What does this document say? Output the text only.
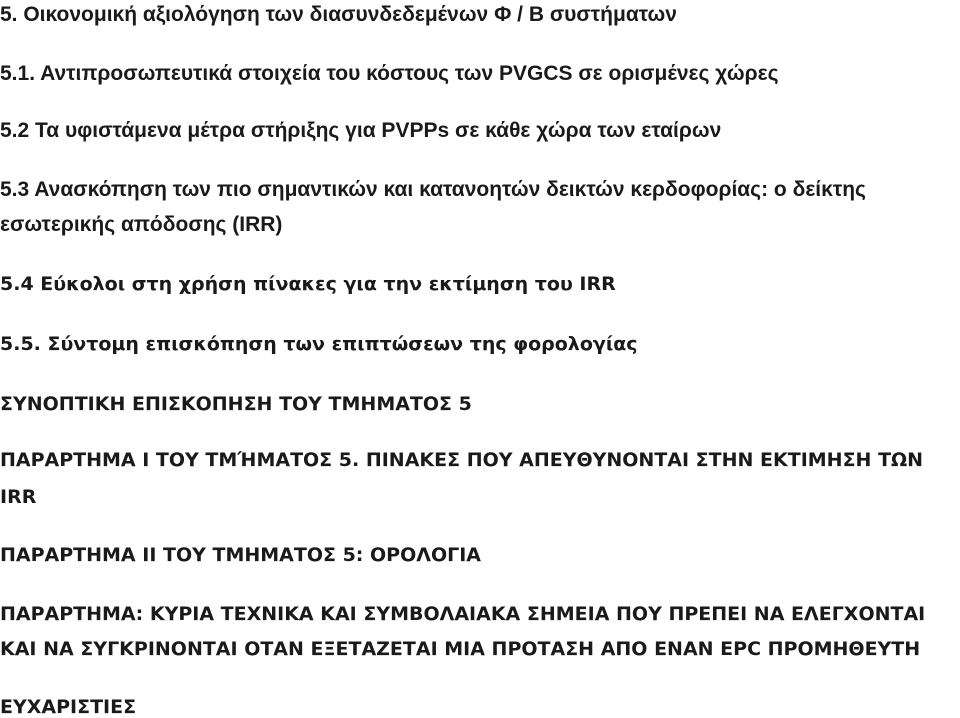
5. Οικονομική αξιολόγηση των διασυνδεδεμένων Φ / Β συστήματων
5.1. Αντιπροσωπευτικά στοιχεία του κόστους των PVGCS σε ορισμένες χώρες
5.2 Τα υφιστάμενα μέτρα στήριξης για PVPPs σε κάθε χώρα των εταίρων
5.3 Ανασκόπηση των πιο σημαντικών και κατανοητών δεικτών κερδοφορίας: ο δείκτης
εσωτερικής απόδοσης (IRR)
5.4 Εύκολοι στη χρήση πίνακες για την εκτίμηση του IRR
5.5. Σύντομη επισκόπηση των επιπτώσεων της φορολογίας
ΣΥΝΟΠΤΙΚΗ ΕΠΙΣΚΟΠΗΣΗ ΤΟΥ ΤΜΗΜΑΤΟΣ 5
ΠΑΡΑΡΤΗΜΑ Ι ΤΟΥ ΤΜΉΜΑΤΟΣ 5. ΠΙΝΑΚΕΣ ΠΟΥ ΑΠΕΥΘΥΝΟΝΤΑΙ ΣΤΗΝ ΕΚΤΙΜΗΣΗ ΤΩΝ
IRR
ΠΑΡΑΡΤΗΜΑ ΙΙ ΤΟΥ ΤΜΗΜΑΤΟΣ 5: ΟΡΟΛΟΓΙΑ
ΠΑΡΑΡΤΗΜΑ: ΚΥΡΙΑ ΤΕΧΝΙΚΑ ΚΑΙ ΣΥΜΒΟΛΑΙΑΚΑ ΣΗΜΕΙΑ ΠΟΥ ΠΡΕΠΕΙ ΝΑ ΕΛΕΓΧΟΝΤΑΙ
ΚΑΙ ΝΑ ΣΥΓΚΡΙΝΟΝΤΑΙ ΟΤΑΝ ΕΞΕΤΑΖΕΤΑΙ ΜΙΑ ΠΡΟΤΑΣΗ ΑΠΟ ΕΝΑΝ EPC ΠΡΟΜΗΘΕΥΤΗ
ΕΥΧΑΡΙΣΤΙΕΣ
